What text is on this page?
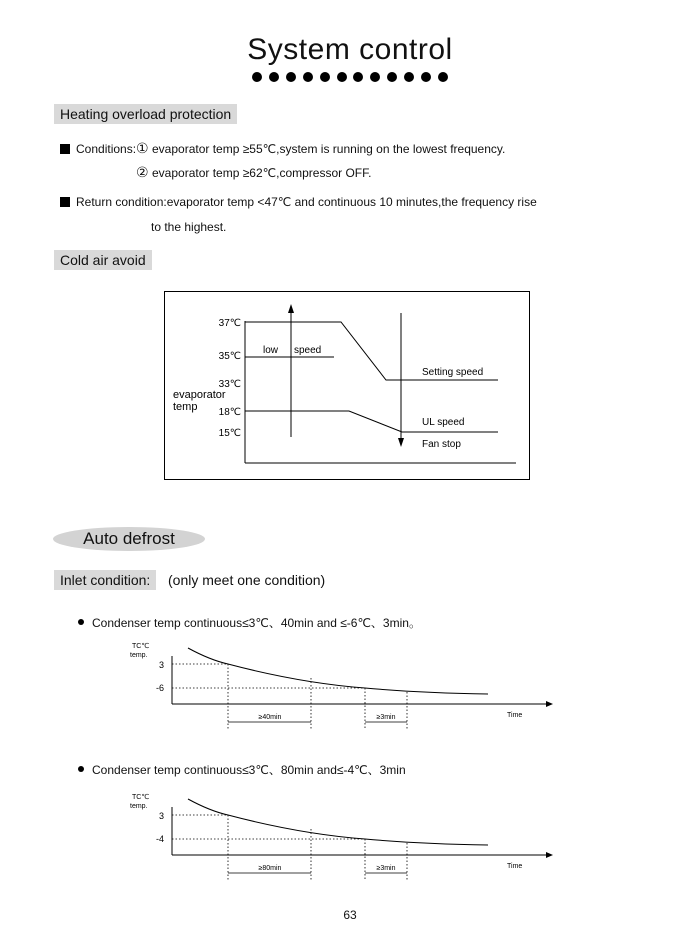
System control
Heating overload protection
Conditions: ① evaporator temp ≥55℃,system is running on the lowest frequency.
② evaporator temp ≥62℃,compressor OFF.
Return condition:evaporator temp <47℃ and continuous 10 minutes,the frequency rise
to the highest.
Cold air avoid
37℃
35℃
33℃
18℃
15℃
evaporator
temp
low speed
Setting speed
UL speed
Fan stop
Auto defrost
Inlet condition:	(only meet one condition)
Condenser temp continuous≤3℃、40min and ≤-6℃、3min。
TC℃
temp.
3
-6
Time
≥40min	≥3min
Condenser temp continuous≤3℃、80min and≤-4℃、3min
TC℃
temp.
3
-4
Time
≥80min	≥3min
63
